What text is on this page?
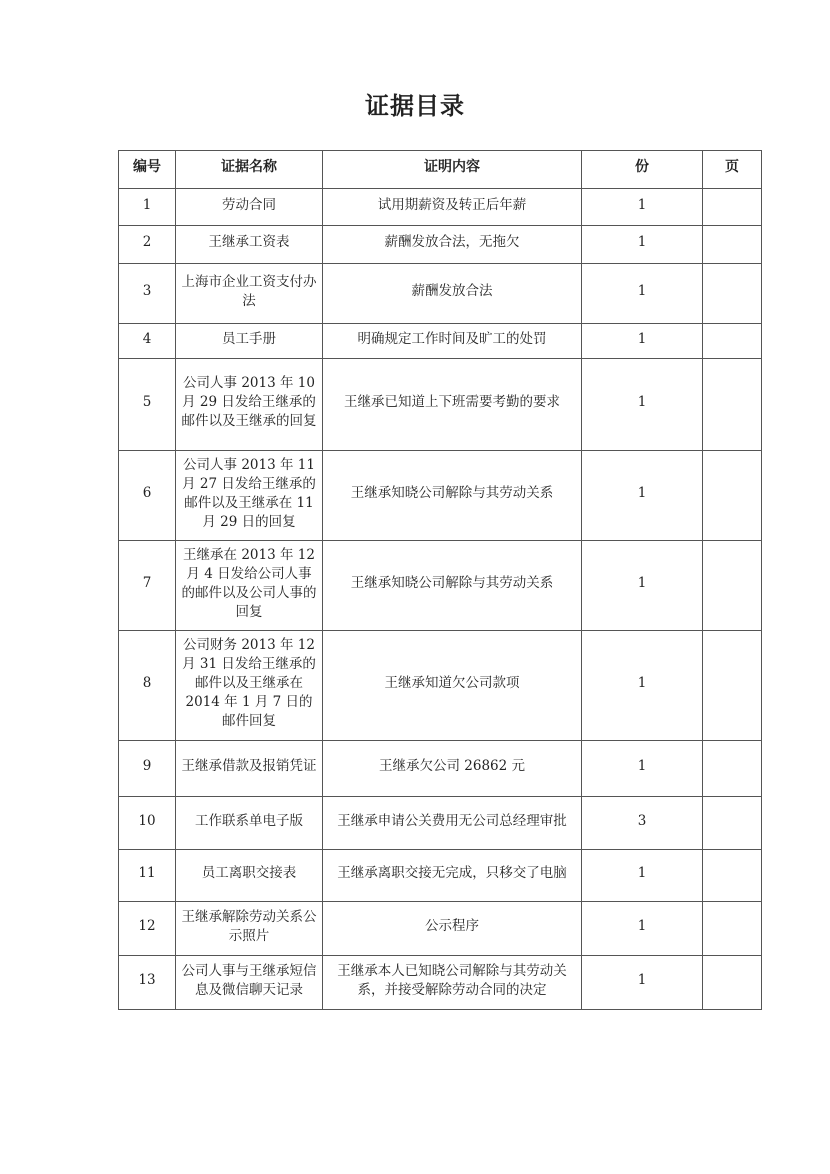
证据目录
编号	证据名称	证明内容	份	页
1	劳动合同	试用期薪资及转正后年薪	1	
2	王继承工资表	薪酬发放合法，无拖欠	1	
3	上海市企业工资支付办法	薪酬发放合法	1	
4	员工手册	明确规定工作时间及旷工的处罚	1	
5	公司人事 2013 年 10 月 29 日发给王继承的邮件以及王继承的回复	王继承已知道上下班需要考勤的要求	1	
6	公司人事 2013 年 11 月 27 日发给王继承的邮件以及王继承在 11 月 29 日的回复	王继承知晓公司解除与其劳动关系	1	
7	王继承在 2013 年 12 月 4 日发给公司人事的邮件以及公司人事的回复	王继承知晓公司解除与其劳动关系	1	
8	公司财务 2013 年 12 月 31 日发给王继承的邮件以及王继承在 2014 年 1 月 7 日的邮件回复	王继承知道欠公司款项	1	
9	王继承借款及报销凭证	王继承欠公司 26862 元	1	
10	工作联系单电子版	王继承申请公关费用无公司总经理审批	3	
11	员工离职交接表	王继承离职交接无完成，只移交了电脑	1	
12	王继承解除劳动关系公示照片	公示程序	1	
13	公司人事与王继承短信息及微信聊天记录	王继承本人已知晓公司解除与其劳动关系，并接受解除劳动合同的决定	1	
